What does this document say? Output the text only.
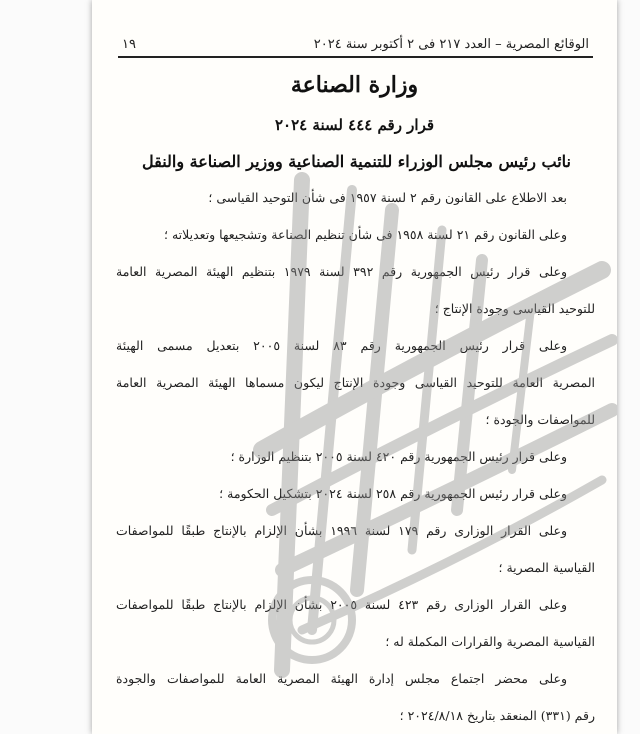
١٩	الوقائع المصرية – العدد ٢١٧ فى ٢ أكتوبر سنة ٢٠٢٤
وزارة الصناعة
قرار رقم ٤٤٤ لسنة ٢٠٢٤
نائب رئيس مجلس الوزراء للتنمية الصناعية ووزير الصناعة والنقل
بعد الاطلاع على القانون رقم ٢ لسنة ١٩٥٧ فى شأن التوحيد القياسى ؛
وعلى القانون رقم ٢١ لسنة ١٩٥٨ فى شأن تنظيم الصناعة وتشجيعها وتعديلاته ؛
وعلى قرار رئيس الجمهورية رقم ٣٩٢ لسنة ١٩٧٩ بتنظيم الهيئة المصرية العامة
للتوحيد القياسى وجودة الإنتاج ؛
وعلى قرار رئيس الجمهورية رقم ٨٣ لسنة ٢٠٠٥ بتعديل مسمى الهيئة
المصرية العامة للتوحيد القياسى وجودة الإنتاج ليكون مسماها الهيئة المصرية العامة
للمواصفات والجودة ؛
وعلى قرار رئيس الجمهورية رقم ٤٢٠ لسنة ٢٠٠٥ بتنظيم الوزارة ؛
وعلى قرار رئيس الجمهورية رقم ٢٥٨ لسنة ٢٠٢٤ بتشكيل الحكومة ؛
وعلى القرار الوزارى رقم ١٧٩ لسنة ١٩٩٦ بشأن الإلزام بالإنتاج طبقًا للمواصفات
القياسية المصرية ؛
وعلى القرار الوزارى رقم ٤٢٣ لسنة ٢٠٠٥ بشأن الإلزام بالإنتاج طبقًا للمواصفات
القياسية المصرية والقرارات المكملة له ؛
وعلى محضر اجتماع مجلس إدارة الهيئة المصرية العامة للمواصفات والجودة
رقم (٣٣١) المنعقد بتاريخ ٢٠٢٤/٨/١٨ ؛
